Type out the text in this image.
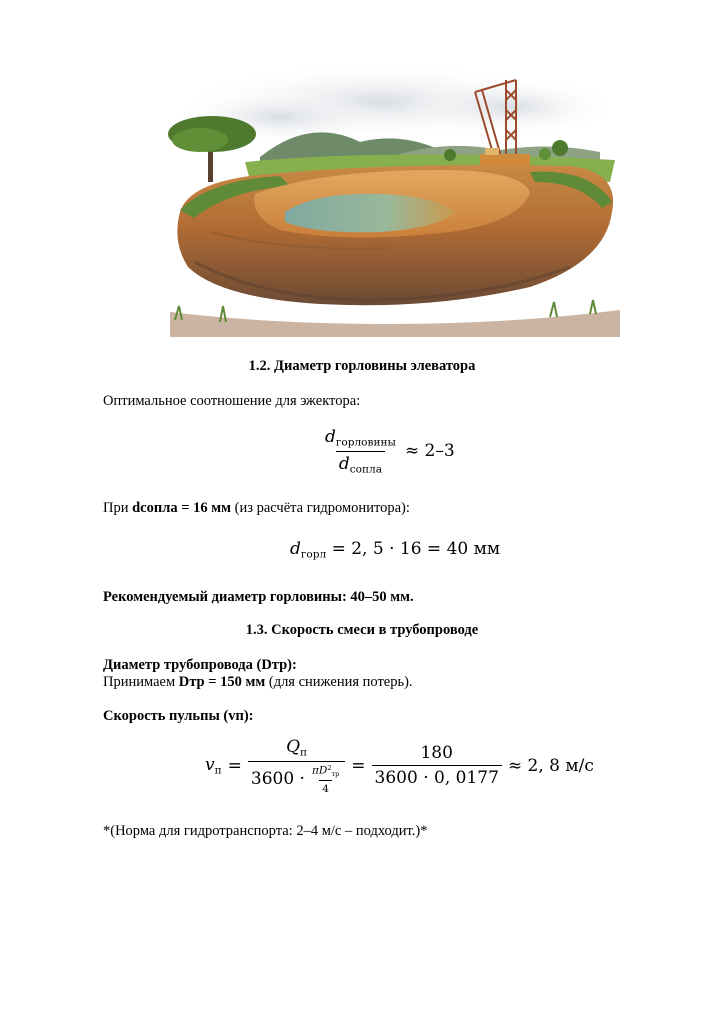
1.2. Диаметр горловины элеватора
Оптимальное соотношение для эжектора:
$\frac{d_{горловины}}{d_{сопла}} \approx 2-3$
При dсопла = 16 мм (из расчёта гидромонитора):
$d_{горл} = 2$, 5 · 16 = 40 мм
Рекомендуемый диаметр горловины: 40–50 мм.
1.3. Скорость смеси в трубопроводе
Диаметр трубопровода (Dтр):
Принимаем Dтр = 150 мм (для снижения потерь).
Скорость пульпы (vп):
$v_п = \frac{Q_п}{3600 \cdot \frac{\pi D^2_{тр}}{4}} = \frac{180}{3600 \cdot 0, 0177} \approx 2$, 8 м/с
*(Норма для гидротранспорта: 2–4 м/с – подходит.)*
